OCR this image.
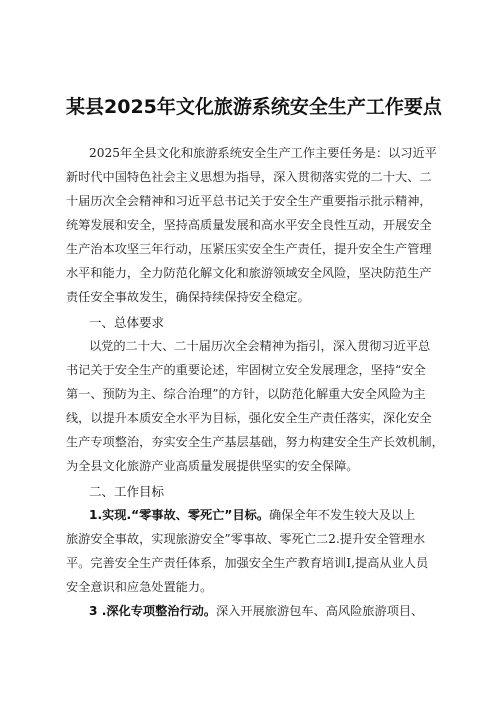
某县2025年文化旅游系统安全生产工作要点
2025年全县文化和旅游系统安全生产工作主要任务是：以习近平
新时代中国特色社会主义思想为指导，深入贯彻落实党的二十大、二
十届历次全会精神和习近平总书记关于安全生产重要指示批示精神，
统筹发展和安全，坚持高质量发展和高水平安全良性互动，开展安全
生产治本攻坚三年行动，压紧压实安全生产责任，提升安全生产管理
水平和能力，全力防范化解文化和旅游领域安全风险，坚决防范生产
责任安全事故发生，确保持续保持安全稳定。
一、总体要求
以党的二十大、二十届历次全会精神为指引，深入贯彻习近平总
书记关于安全生产的重要论述，牢固树立安全发展理念，坚持“安全
第一、预防为主、综合治理”的方针，以防范化解重大安全风险为主
线，以提升本质安全水平为目标，强化安全生产责任落实，深化安全
生产专项整治，夯实安全生产基层基础，努力构建安全生产长效机制，
为全县文化旅游产业高质量发展提供坚实的安全保障。
二、工作目标
1.实现.“零事故、零死亡”目标。确保全年不发生较大及以上
旅游安全事故，实现旅游安全”零事故、零死亡二2.提升安全管理水
平。完善安全生产责任体系，加强安全生产教育培训I,提高从业人员
安全意识和应急处置能力。
3 .深化专项整治行动。深入开展旅游包车、高风险旅游项目、
